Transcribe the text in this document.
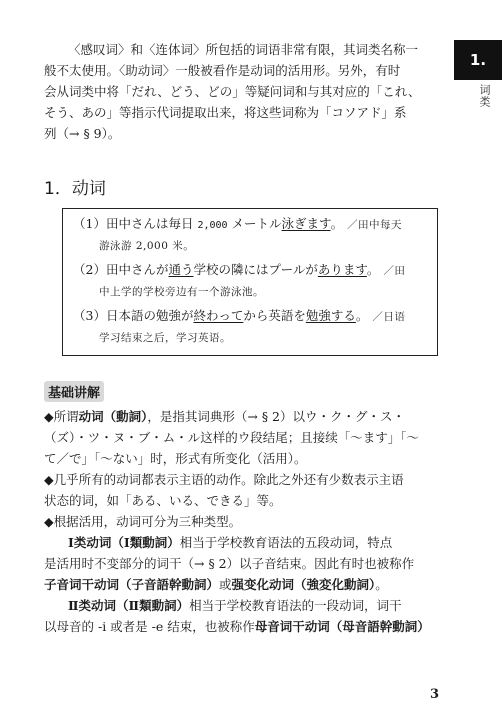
1.
词类

〈感叹词〉和〈连体词〉所包括的词语非常有限，其词类名称一
般不太使用。〈助动词〉一般被看作是动词的活用形。另外，有时
会从词类中将「だれ、どう、どの」等疑问词和与其对应的「これ、
そう、あの」等指示代词提取出来，将这些词称为「コソアド」系
列（→ § 9）。

1．动词

（1）田中さんは毎日 2,000 メートル泳ぎます。 ／田中每天
游泳游 2,000 米。

（2）田中さんが通う学校の隣にはプールがあります。 ／田
中上学的学校旁边有一个游泳池。

（3）日本語の勉強が終わってから英語を勉強する。 ／日语
学习结束之后，学习英语。

基础讲解

◆所谓动词（動詞），是指其词典形（→ § 2）以ウ・ク・グ・ス・
（ズ）・ツ・ヌ・ブ・ム・ル这样的ウ段结尾；且接续「～ます」「～
て／で」「～ない」时，形式有所变化（活用）。
◆几乎所有的动词都表示主语的动作。除此之外还有少数表示主语
状态的词，如「ある、いる、できる」等。
◆根据活用，动词可分为三种类型。
Ⅰ类动词（Ⅰ類動詞）相当于学校教育语法的五段动词，特点
是活用时不变部分的词干（→ § 2）以子音结束。因此有时也被称作
子音词干动词（子音語幹動詞）或强变化动词（強変化動詞）。
Ⅱ类动词（Ⅱ類動詞）相当于学校教育语法的一段动词，词干
以母音的 -i 或者是 -e 结束，也被称作母音词干动词（母音語幹動詞）

3
